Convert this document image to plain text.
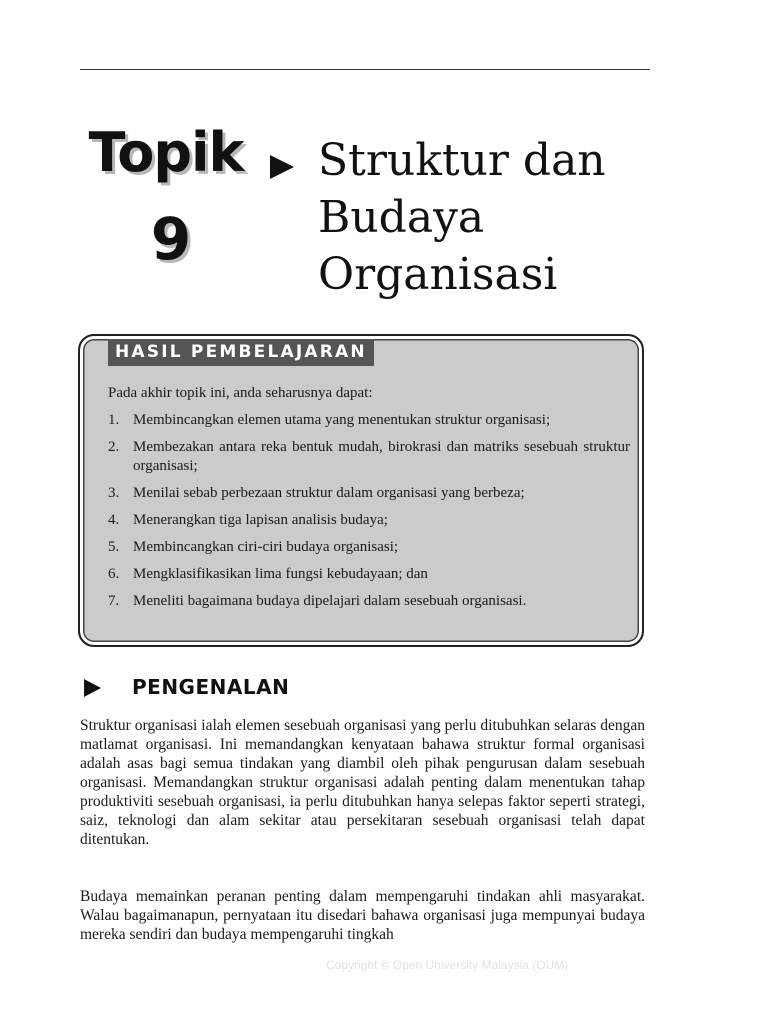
Topik
9
Struktur dan
Budaya
Organisasi
HASIL PEMBELAJARAN
Pada akhir topik ini, anda seharusnya dapat:
1. Membincangkan elemen utama yang menentukan struktur organisasi;
2. Membezakan antara reka bentuk mudah, birokrasi dan matriks sesebuah struktur organisasi;
3. Menilai sebab perbezaan struktur dalam organisasi yang berbeza;
4. Menerangkan tiga lapisan analisis budaya;
5. Membincangkan ciri-ciri budaya organisasi;
6. Mengklasifikasikan lima fungsi kebudayaan; dan
7. Meneliti bagaimana budaya dipelajari dalam sesebuah organisasi.
PENGENALAN

Struktur organisasi ialah elemen sesebuah organisasi yang perlu ditubuhkan selaras dengan matlamat organisasi. Ini memandangkan kenyataan bahawa struktur formal organisasi adalah asas bagi semua tindakan yang diambil oleh pihak pengurusan dalam sesebuah organisasi. Memandangkan struktur organisasi adalah penting dalam menentukan tahap produktiviti sesebuah organisasi, ia perlu ditubuhkan hanya selepas faktor seperti strategi, saiz, teknologi dan alam sekitar atau persekitaran sesebuah organisasi telah dapat ditentukan.

Budaya memainkan peranan penting dalam mempengaruhi tindakan ahli masyarakat. Walau bagaimanapun, pernyataan itu disedari bahawa organisasi juga mempunyai budaya mereka sendiri dan budaya mempengaruhi tingkah

Copyright © Open University Malaysia (OUM)
